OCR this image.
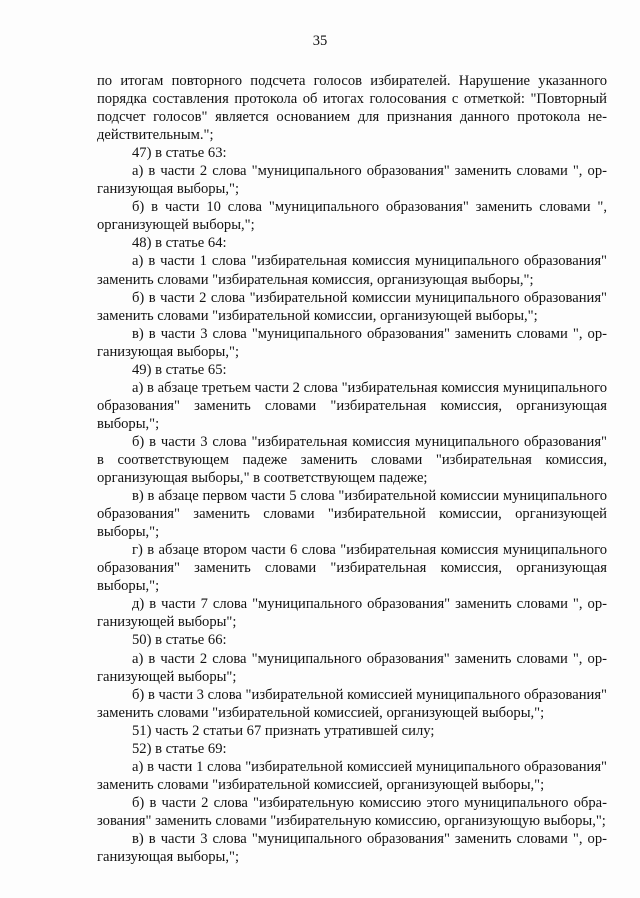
35

по итогам повторного подсчета голосов избирателей. Нарушение указанного порядка составления протокола об итогах голосования с отметкой: "Повторный подсчет голосов" является основанием для признания данного протокола недействительным.";

47) в статье 63:

а) в части 2 слова "муниципального образования" заменить словами ", организующая выборы,";

б) в части 10 слова "муниципального образования" заменить словами ", организующей выборы,";

48) в статье 64:

а) в части 1 слова "избирательная комиссия муниципального образования" заменить словами "избирательная комиссия, организующая выборы,";

б) в части 2 слова "избирательной комиссии муниципального образования" заменить словами "избирательной комиссии, организующей выборы,";

в) в части 3 слова "муниципального образования" заменить словами ", организующая выборы,";

49) в статье 65:

а) в абзаце третьем части 2 слова "избирательная комиссия муниципального образования" заменить словами "избирательная комиссия, организующая выборы,";

б) в части 3 слова "избирательная комиссия муниципального образования" в соответствующем падеже заменить словами "избирательная комиссия, организующая выборы," в соответствующем падеже;

в) в абзаце первом части 5 слова "избирательной комиссии муниципального образования" заменить словами "избирательной комиссии, организующей выборы,";

г) в абзаце втором части 6 слова "избирательная комиссия муниципального образования" заменить словами "избирательная комиссия, организующая выборы,";

д) в части 7 слова "муниципального образования" заменить словами ", организующей выборы";

50) в статье 66:

а) в части 2 слова "муниципального образования" заменить словами ", организующей выборы";

б) в части 3 слова "избирательной комиссией муниципального образования" заменить словами "избирательной комиссией, организующей выборы,";

51) часть 2 статьи 67 признать утратившей силу;

52) в статье 69:

а) в части 1 слова "избирательной комиссией муниципального образования" заменить словами "избирательной комиссией, организующей выборы,";

б) в части 2 слова "избирательную комиссию этого муниципального образования" заменить словами "избирательную комиссию, организующую выборы,";

в) в части 3 слова "муниципального образования" заменить словами ", организующая выборы,";
